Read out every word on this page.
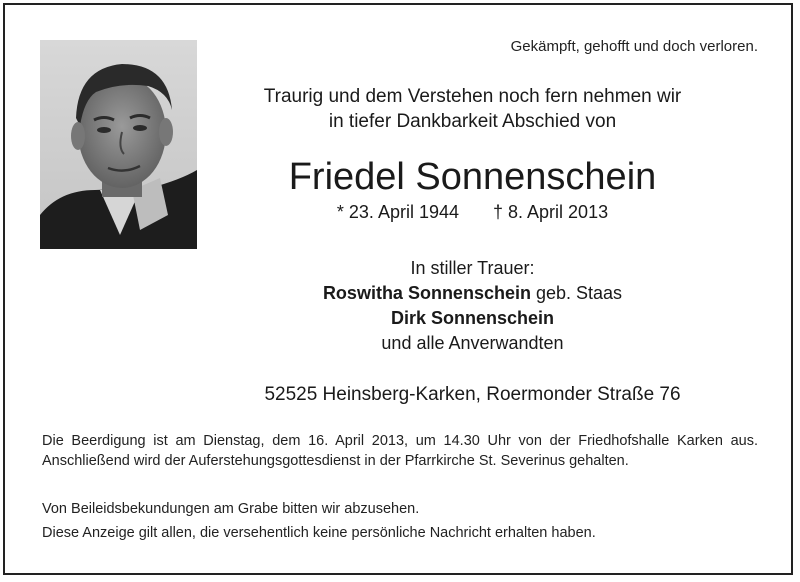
Gekämpft, gehofft und doch verloren.
Traurig und dem Verstehen noch fern nehmen wir
in tiefer Dankbarkeit Abschied von
Friedel Sonnenschein
* 23. April 1944 † 8. April 2013
In stiller Trauer:
Roswitha Sonnenschein geb. Staas
Dirk Sonnenschein
und alle Anverwandten
52525 Heinsberg-Karken, Roermonder Straße 76
Die Beerdigung ist am Dienstag, dem 16. April 2013, um 14.30 Uhr von der Friedhofshalle Karken aus. Anschließend wird der Auferstehungsgottesdienst in der Pfarrkirche St. Severinus gehalten.
Von Beileidsbekundungen am Grabe bitten wir abzusehen.
Diese Anzeige gilt allen, die versehentlich keine persönliche Nachricht erhalten haben.
